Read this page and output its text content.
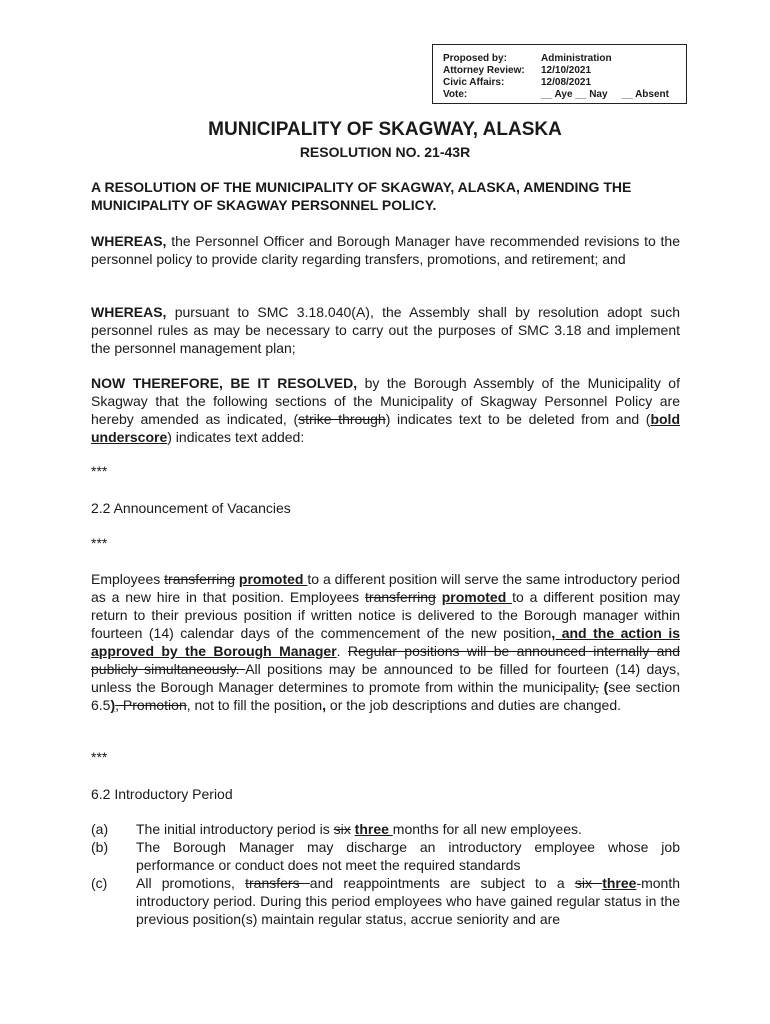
Proposed by:	Administration
Attorney Review: 12/10/2021
Civic Affairs:	12/08/2021
Vote:	__ Aye __ Nay __ Absent
MUNICIPALITY OF SKAGWAY, ALASKA
RESOLUTION NO. 21-43R
A RESOLUTION OF THE MUNICIPALITY OF SKAGWAY, ALASKA, AMENDING THE MUNICIPALITY OF SKAGWAY PERSONNEL POLICY.
WHEREAS, the Personnel Officer and Borough Manager have recommended revisions to the personnel policy to provide clarity regarding transfers, promotions, and retirement; and
WHEREAS, pursuant to SMC 3.18.040(A), the Assembly shall by resolution adopt such personnel rules as may be necessary to carry out the purposes of SMC 3.18 and implement the personnel management plan;
NOW THEREFORE, BE IT RESOLVED, by the Borough Assembly of the Municipality of Skagway that the following sections of the Municipality of Skagway Personnel Policy are hereby amended as indicated, (strike through) indicates text to be deleted from and (bold underscore) indicates text added:
***
2.2 Announcement of Vacancies
***
Employees transferring promoted to a different position will serve the same introductory period as a new hire in that position. Employees transferring promoted to a different position may return to their previous position if written notice is delivered to the Borough manager within fourteen (14) calendar days of the commencement of the new position, and the action is approved by the Borough Manager. Regular positions will be announced internally and publicly simultaneously. All positions may be announced to be filled for fourteen (14) days, unless the Borough Manager determines to promote from within the municipality, (see section 6.5), Promotion, not to fill the position, or the job descriptions and duties are changed.
***
6.2 Introductory Period
(a) The initial introductory period is six three months for all new employees.
(b) The Borough Manager may discharge an introductory employee whose job performance or conduct does not meet the required standards
(c) All promotions, transfers and reappointments are subject to a six three-month introductory period. During this period employees who have gained regular status in the previous position(s) maintain regular status, accrue seniority and are
